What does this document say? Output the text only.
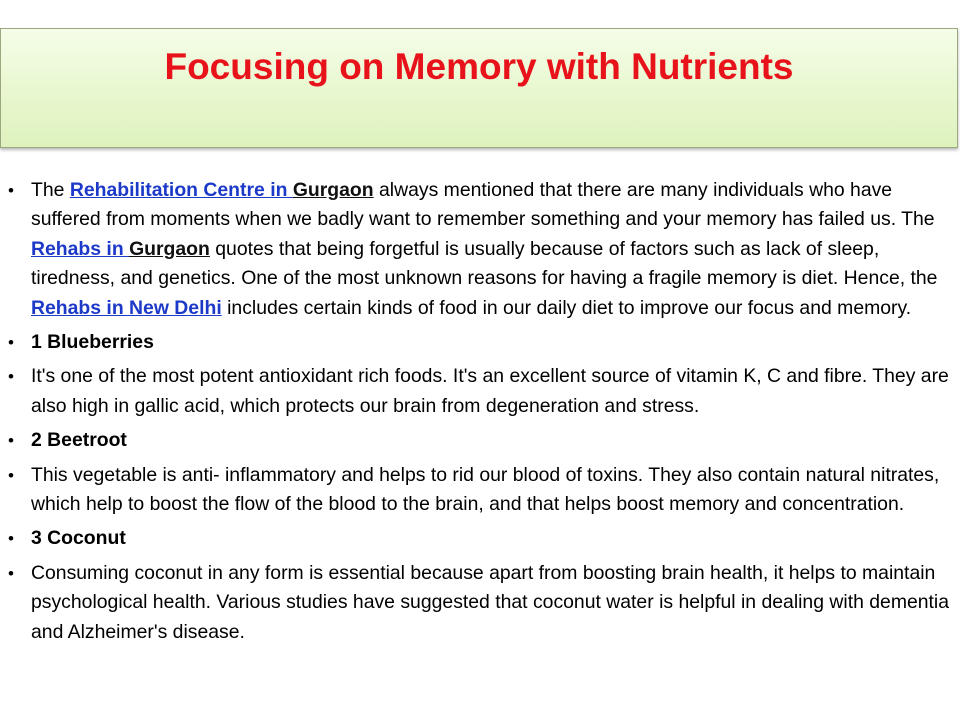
Focusing on Memory with Nutrients
• The Rehabilitation Centre in Gurgaon always mentioned that there are many individuals who have suffered from moments when we badly want to remember something and your memory has failed us. The Rehabs in Gurgaon quotes that being forgetful is usually because of factors such as lack of sleep, tiredness, and genetics. One of the most unknown reasons for having a fragile memory is diet. Hence, the Rehabs in New Delhi includes certain kinds of food in our daily diet to improve our focus and memory.
• 1 Blueberries
• It's one of the most potent antioxidant rich foods. It's an excellent source of vitamin K, C and fibre. They are also high in gallic acid, which protects our brain from degeneration and stress.
• 2 Beetroot
• This vegetable is anti- inflammatory and helps to rid our blood of toxins. They also contain natural nitrates, which help to boost the flow of the blood to the brain, and that helps boost memory and concentration.
• 3 Coconut
• Consuming coconut in any form is essential because apart from boosting brain health, it helps to maintain psychological health. Various studies have suggested that coconut water is helpful in dealing with dementia and Alzheimer's disease.
